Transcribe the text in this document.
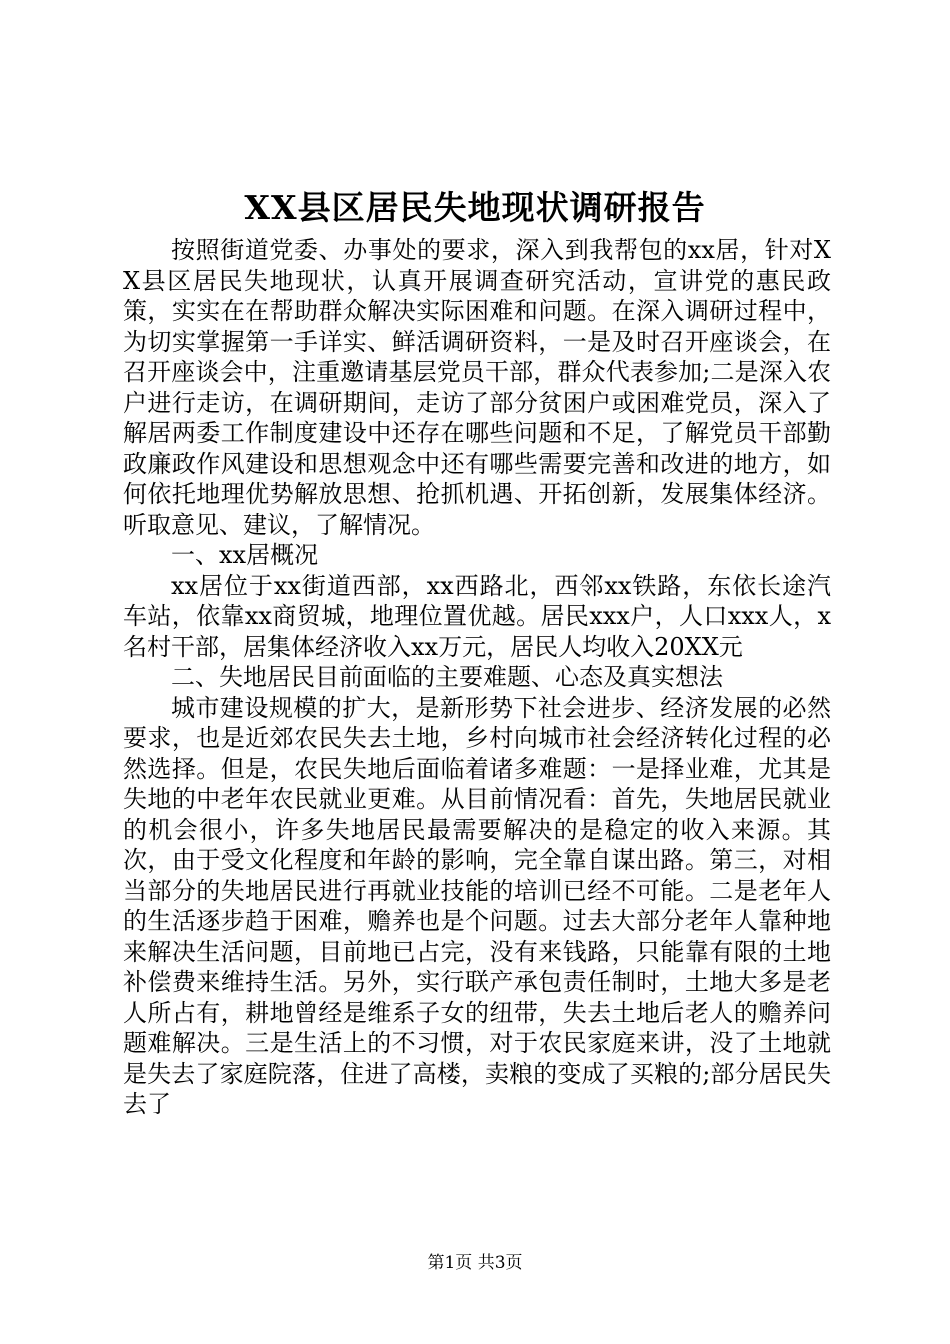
XX县区居民失地现状调研报告

按照街道党委、办事处的要求，深入到我帮包的xx居，针对XX县区居民失地现状，认真开展调查研究活动，宣讲党的惠民政策，实实在在帮助群众解决实际困难和问题。在深入调研过程中，为切实掌握第一手详实、鲜活调研资料，一是及时召开座谈会，在召开座谈会中，注重邀请基层党员干部，群众代表参加;二是深入农户进行走访，在调研期间，走访了部分贫困户或困难党员，深入了解居两委工作制度建设中还存在哪些问题和不足，了解党员干部勤政廉政作风建设和思想观念中还有哪些需要完善和改进的地方，如何依托地理优势解放思想、抢抓机遇、开拓创新，发展集体经济。听取意见、建议，了解情况。

一、xx居概况

xx居位于xx街道西部，xx西路北，西邻xx铁路，东依长途汽车站，依靠xx商贸城，地理位置优越。居民xxx户，人口xxx人，x名村干部，居集体经济收入xx万元，居民人均收入20XX元

二、失地居民目前面临的主要难题、心态及真实想法

城市建设规模的扩大，是新形势下社会进步、经济发展的必然要求，也是近郊农民失去土地，乡村向城市社会经济转化过程的必然选择。但是，农民失地后面临着诸多难题：一是择业难，尤其是失地的中老年农民就业更难。从目前情况看：首先，失地居民就业的机会很小，许多失地居民最需要解决的是稳定的收入来源。其次，由于受文化程度和年龄的影响，完全靠自谋出路。第三，对相当部分的失地居民进行再就业技能的培训已经不可能。二是老年人的生活逐步趋于困难，赡养也是个问题。过去大部分老年人靠种地来解决生活问题，目前地已占完，没有来钱路，只能靠有限的土地补偿费来维持生活。另外，实行联产承包责任制时，土地大多是老人所占有，耕地曾经是维系子女的纽带，失去土地后老人的赡养问题难解决。三是生活上的不习惯，对于农民家庭来讲，没了土地就是失去了家庭院落，住进了高楼，卖粮的变成了买粮的;部分居民失去了

第1页 共3页
